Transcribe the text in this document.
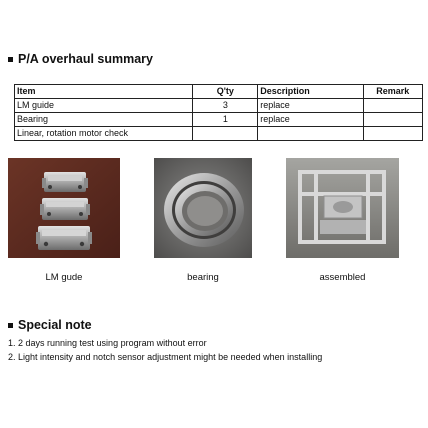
P/A overhaul summary
Item	Q'ty	Description	Remark
LM guide	3	replace	
Bearing	1	replace	
Linear, rotation motor check			
LM gude	bearing	assembled
Special note
1. 2 days running test using program without error
2. Light intensity and notch sensor adjustment might be needed when installing
